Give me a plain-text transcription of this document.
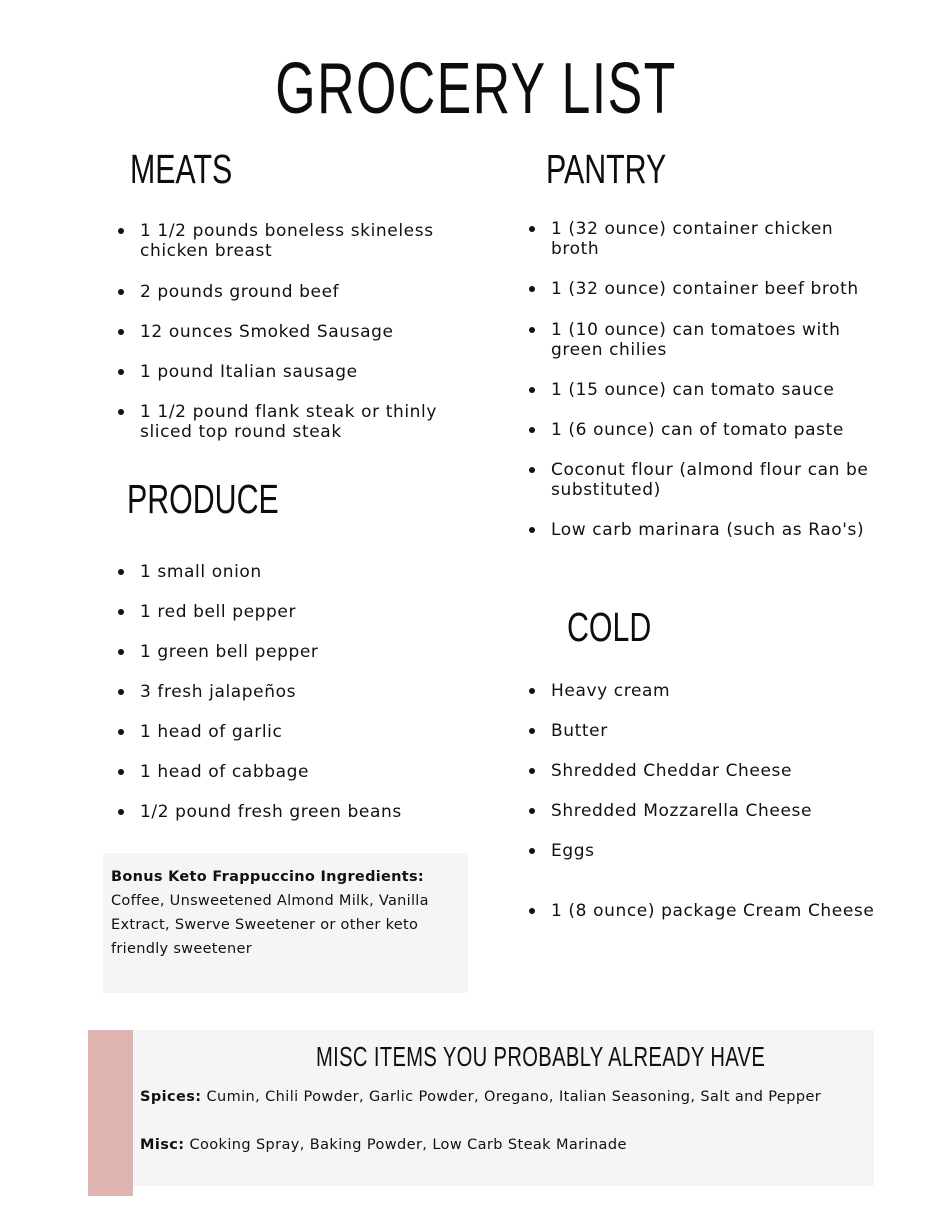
GROCERY LIST
MEATS
1 1/2 pounds boneless skineless chicken breast
2 pounds ground beef
12 ounces Smoked Sausage
1 pound Italian sausage
1 1/2 pound flank steak or thinly sliced top round steak
PRODUCE
1 small onion
1 red bell pepper
1 green bell pepper
3 fresh jalapeños
1 head of garlic
1 head of cabbage
1/2 pound fresh green beans
PANTRY
1 (32 ounce) container chicken broth
1 (32 ounce) container beef broth
1 (10 ounce) can tomatoes with green chilies
1 (15 ounce) can tomato sauce
1 (6 ounce) can of tomato paste
Coconut flour (almond flour can be substituted)
Low carb marinara (such as Rao's)
COLD
Heavy cream
Butter
Shredded Cheddar Cheese
Shredded Mozzarella Cheese
Eggs
1 (8 ounce) package Cream Cheese
Bonus Keto Frappuccino Ingredients: Coffee, Unsweetened Almond Milk, Vanilla Extract, Swerve Sweetener or other keto friendly sweetener
MISC ITEMS YOU PROBABLY ALREADY HAVE
Spices: Cumin, Chili Powder, Garlic Powder, Oregano, Italian Seasoning, Salt and Pepper
Misc: Cooking Spray, Baking Powder, Low Carb Steak Marinade
